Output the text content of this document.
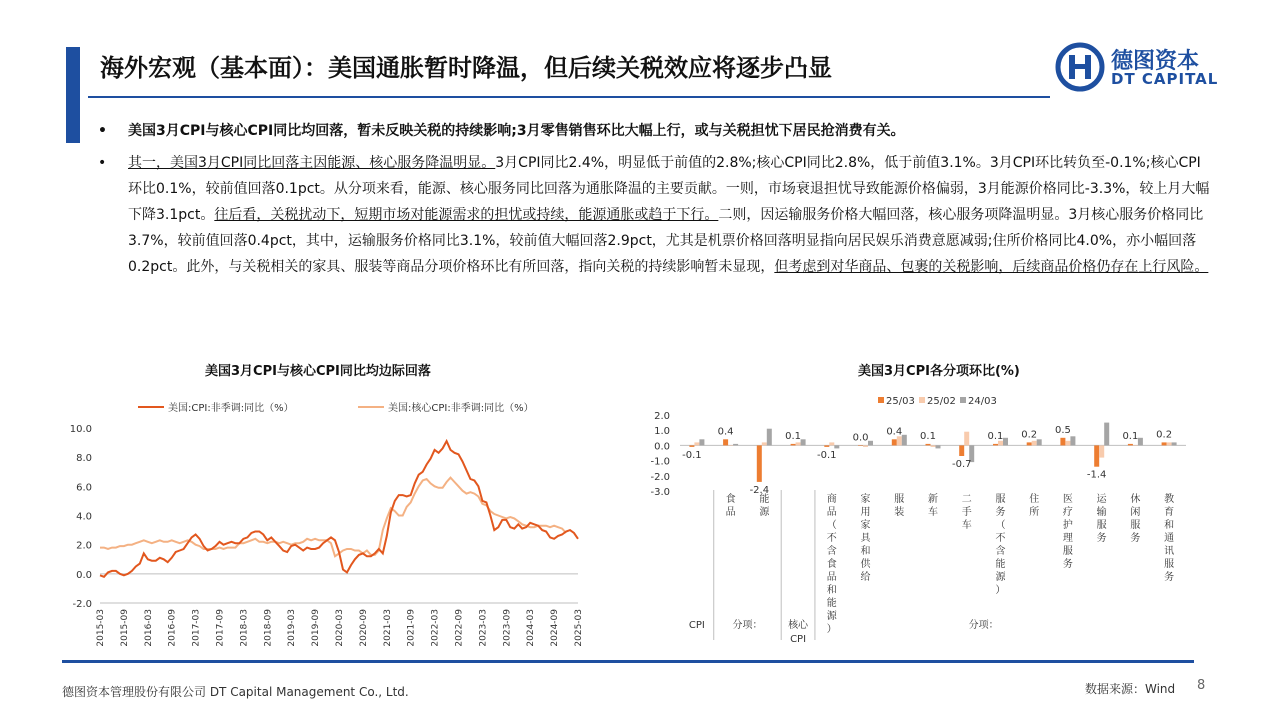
海外宏观（基本面）：美国通胀暂时降温，但后续关税效应将逐步凸显	德图资本
DT CAPITAL
• 美国3月CPI与核心CPI同比均回落，暂未反映关税的持续影响;3月零售销售环比大幅上行，或与关税担忧下居民抢消费有关。
• 其一，美国3月CPI同比回落主因能源、核心服务降温明显。3月CPI同比2.4%，明显低于前值的2.8%;核心CPI同比2.8%，低于前值3.1%。3月CPI环比转负至-0.1%;核心CPI环比0.1%，较前值回落0.1pct。从分项来看，能源、核心服务同比回落为通胀降温的主要贡献。一则，市场衰退担忧导致能源价格偏弱，3月能源价格同比-3.3%，较上月大幅下降3.1pct。往后看，关税扰动下，短期市场对能源需求的担忧或持续，能源通胀或趋于下行。二则，因运输服务价格大幅回落，核心服务项降温明显。3月核心服务价格同比3.7%，较前值回落0.4pct，其中，运输服务价格同比3.1%，较前值大幅回落2.9pct，尤其是机票价格回落明显指向居民娱乐消费意愿减弱;住所价格同比4.0%，亦小幅回落0.2pct。此外，与关税相关的家具、服装等商品分项价格环比有所回落，指向关税的持续影响暂未显现，但考虑到对华商品、包裹的关税影响，后续商品价格仍存在上行风险。
美国3月CPI与核心CPI同比均边际回落	美国3月CPI各分项环比(%)
美国:CPI:非季调:同比（%）	美国:核心CPI:非季调:同比（%）
10.0
8.0
6.0
4.0
2.0
0.0
-2.0
2015-03 2015-09 2016-03 2016-09 2017-03 2017-09 2018-03 2018-09 2019-03 2019-09 2020-03 2020-09 2021-03 2021-09 2022-03 2022-09 2023-03 2023-09 2024-03 2024-09 2025-03
25/03 25/02 24/03
2.0
1.0
0.0
-1.0
-2.0
-3.0
-0.1
0.4
-2.4
0.1
-0.1
0.0
0.4 0.1
-0.7
0.1 0.2 0.5
-1.4
0.1 0.2
食
品
能
源
商
品
（
不
含
食
品
和
能
源
）
家
用
家
具
和
供
给
服
装
新
车
二
手
车
服
务
（
不
含
能
源
）
住
所
医
疗
护
理
服
务
运
输
服
务
休
闲
服
务
教
育
和
通
讯
服
务
CPI	分项：	核心
CPI
分项：
德图资本管理股份有限公司 DT Capital Management Co., Ltd.	数据来源：Wind 8
